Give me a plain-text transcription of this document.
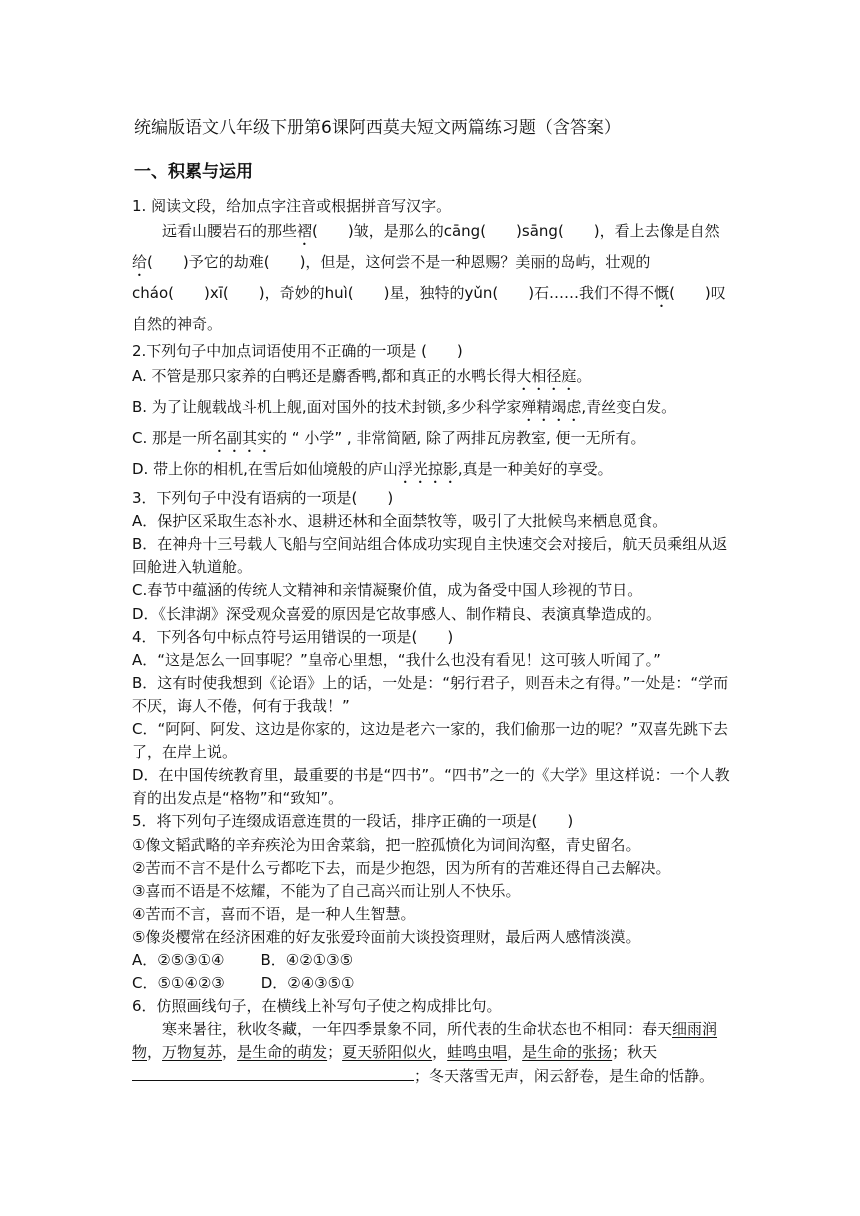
统编版语文八年级下册第6课阿西莫夫短文两篇练习题（含答案）
一、积累与运用

1. 阅读文段，给加点字注音或根据拼音写汉字。

远看山腰岩石的那些褶(　　)皱，是那么的cāng(　　)sāng(　　)，看上去像是自然给(　　)予它的劫难(　　)，但是，这何尝不是一种恩赐？美丽的岛屿，壮观的cháo(　　)xī(　　)，奇妙的huì(　　)星，独特的yǔn(　　)石……我们不得不慨(　　)叹自然的神奇。

2.下列句子中加点词语使用不正确的一项是 (　　)

A. 不管是那只家养的白鸭还是麝香鸭,都和真正的水鸭长得大相径庭。

B. 为了让舰载战斗机上舰,面对国外的技术封锁,多少科学家殚精竭虑,青丝变白发。

C. 那是一所名副其实的 “ 小学” , 非常简陋, 除了两排瓦房教室, 便一无所有。

D. 带上你的相机,在雪后如仙境般的庐山浮光掠影,真是一种美好的享受。

3．下列句子中没有语病的一项是(　　)

A．保护区采取生态补水、退耕还林和全面禁牧等，吸引了大批候鸟来栖息觅食。

B．在神舟十三号载人飞船与空间站组合体成功实现自主快速交会对接后，航天员乘组从返回舱进入轨道舱。

C.春节中蕴涵的传统人文精神和亲情凝聚价值，成为备受中国人珍视的节日。

D．《长津湖》深受观众喜爱的原因是它故事感人、制作精良、表演真挚造成的。

4．下列各句中标点符号运用错误的一项是(　　)

A．“这是怎么一回事呢？”皇帝心里想，“我什么也没有看见！这可骇人听闻了。”

B．这有时使我想到《论语》上的话，一处是：“躬行君子，则吾未之有得。”一处是：“学而不厌，诲人不倦，何有于我哉！”

C．“阿阿、阿发、这边是你家的，这边是老六一家的，我们偷那一边的呢？”双喜先跳下去了，在岸上说。

D．在中国传统教育里，最重要的书是“四书”。“四书”之一的《大学》里这样说：一个人教育的出发点是“格物”和“致知”。

5．将下列句子连缀成语意连贯的一段话，排序正确的一项是(　　)

①像文韬武略的辛弃疾沦为田舍菜翁，把一腔孤愤化为词间沟壑，青史留名。

②苦而不言不是什么亏都吃下去，而是少抱怨，因为所有的苦难还得自己去解决。

③喜而不语是不炫耀，不能为了自己高兴而让别人不快乐。

④苦而不言，喜而不语，是一种人生智慧。

⑤像炎樱常在经济困难的好友张爱玲面前大谈投资理财，最后两人感情淡漠。

A．②⑤③①④ B．④②①③⑤

C．⑤①④②③ D．②④③⑤①

6．仿照画线句子，在横线上补写句子使之构成排比句。

寒来暑往，秋收冬藏，一年四季景象不同，所代表的生命状态也不相同：春天细雨润物，万物复苏，是生命的萌发；夏天骄阳似火，蛙鸣虫唱，是生命的张扬；秋天；冬天落雪无声，闲云舒卷，是生命的恬静。
